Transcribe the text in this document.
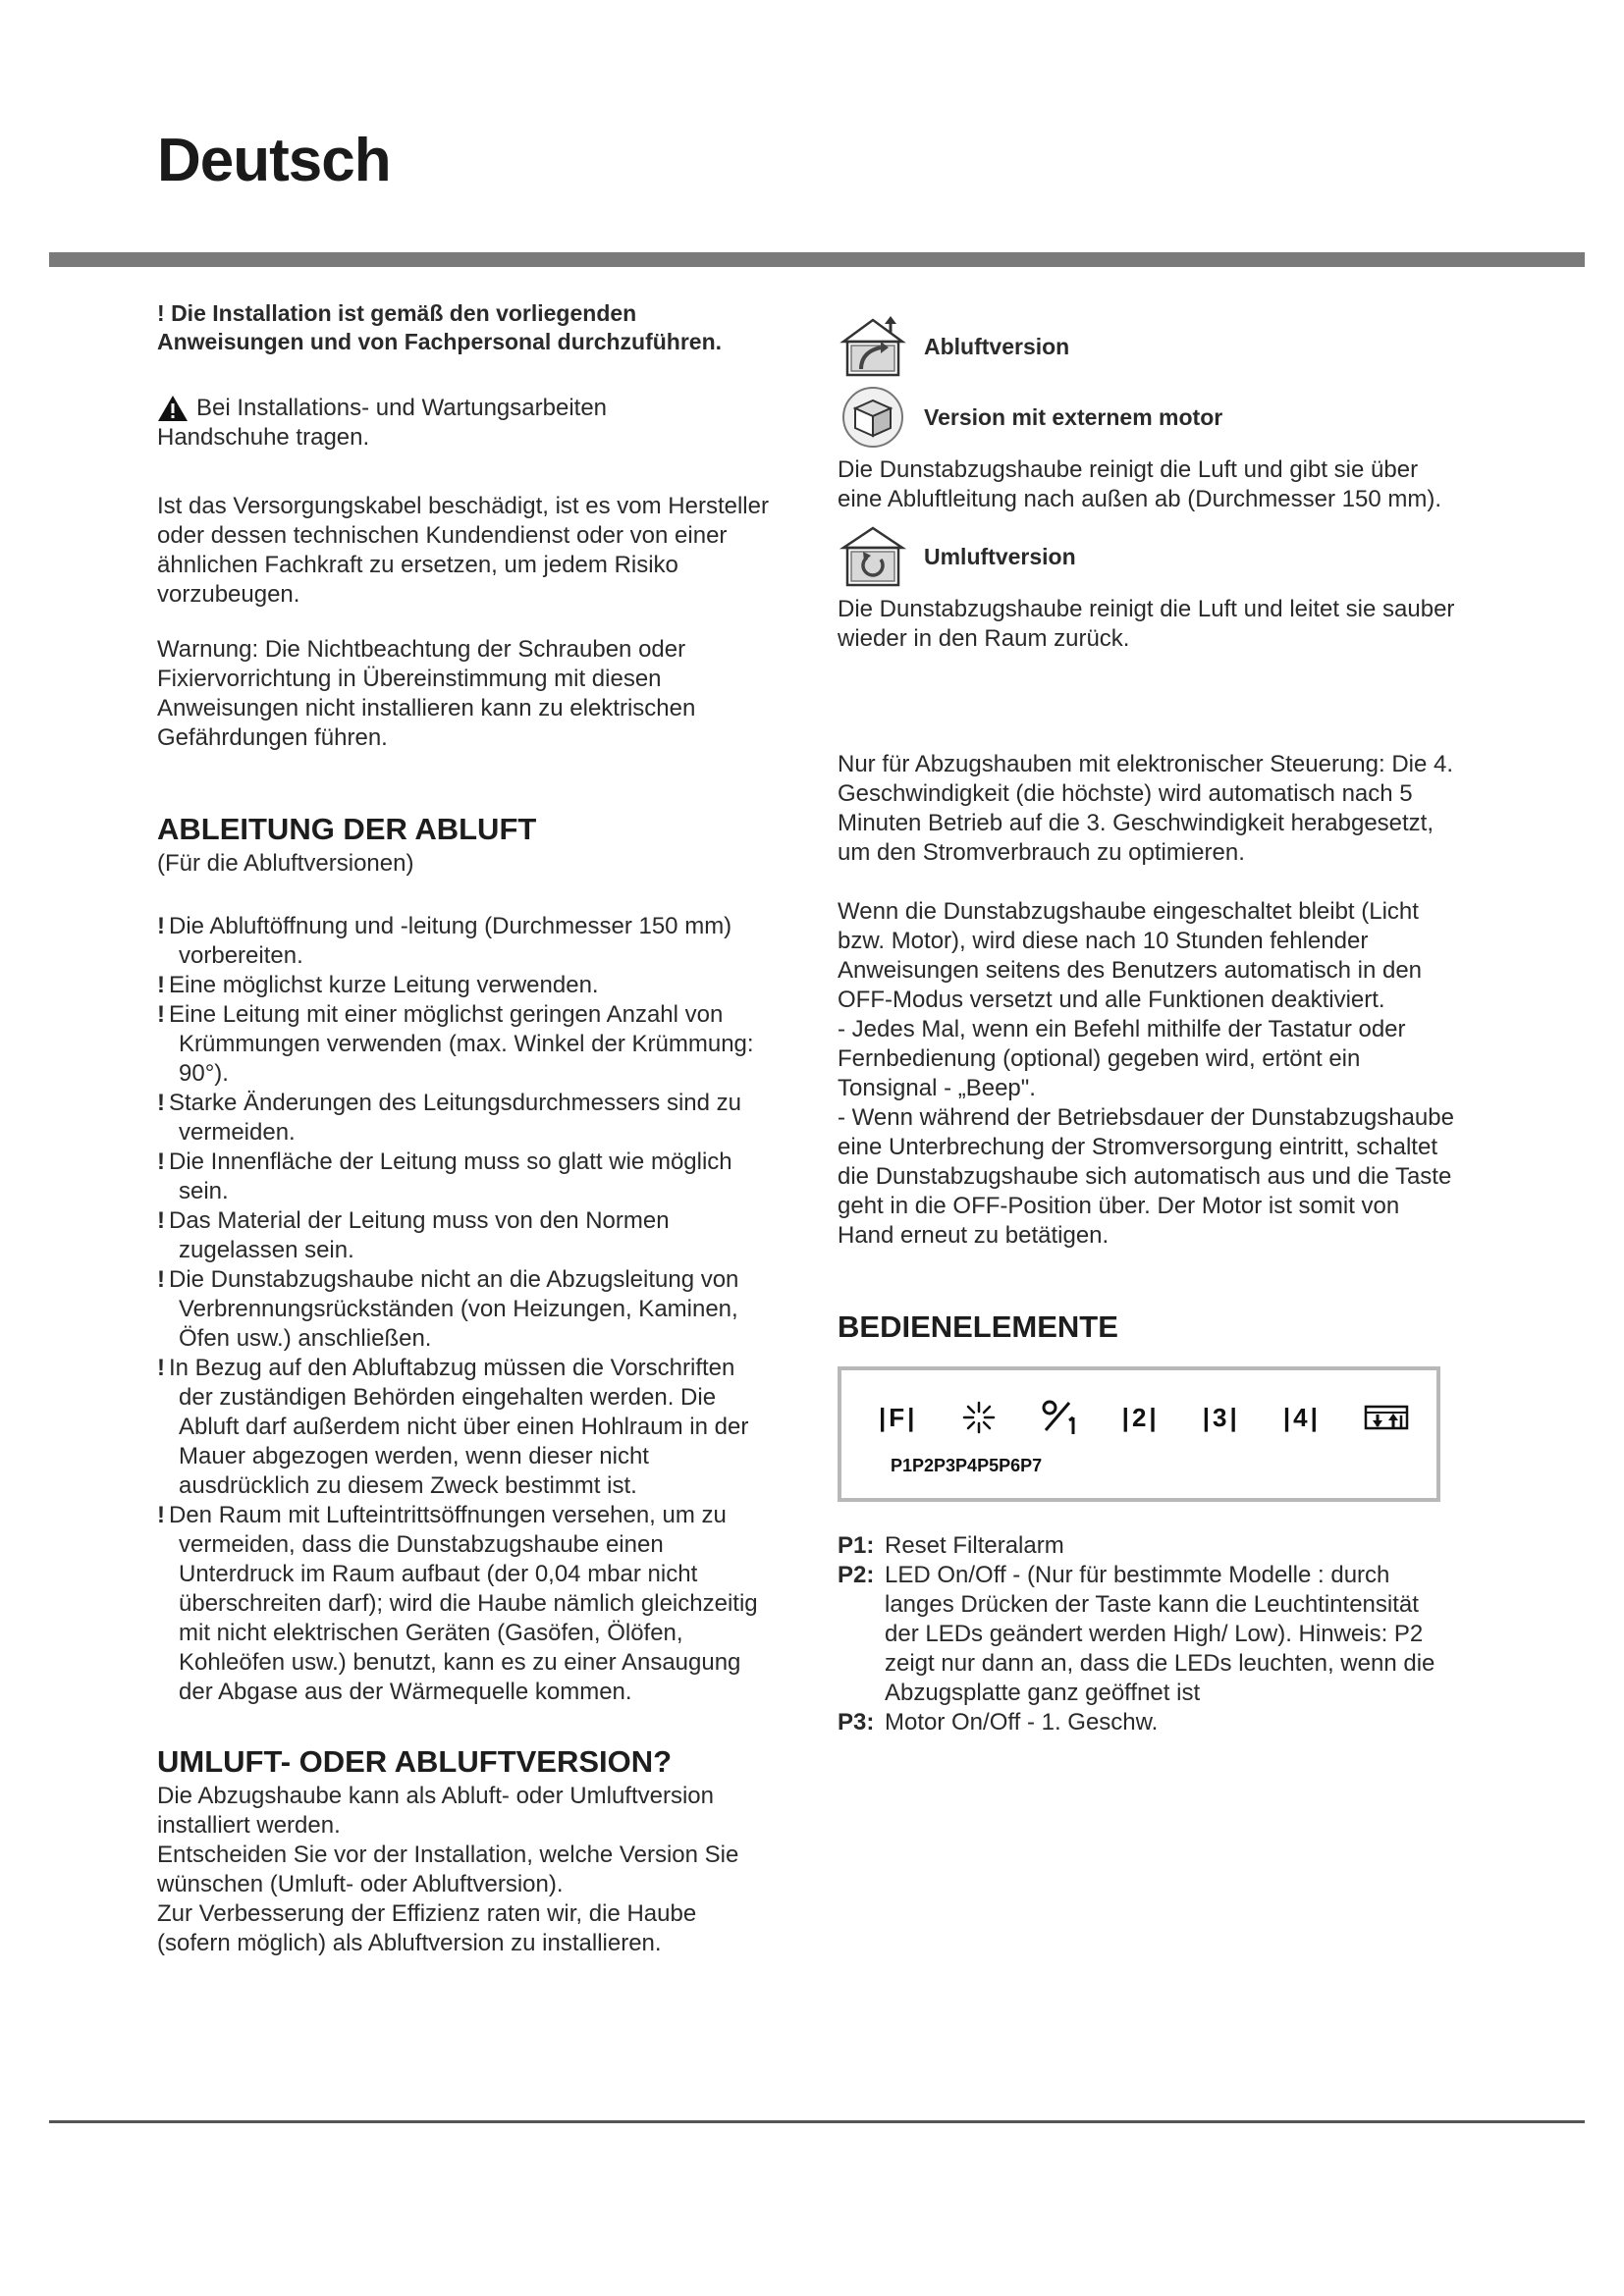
Deutsch

! Die Installation ist gemäß den vorliegenden Anweisungen und von Fachpersonal durchzuführen.

Bei Installations- und Wartungsarbeiten

Handschuhe tragen.

Ist das Versorgungskabel beschädigt, ist es vom Hersteller oder dessen technischen Kundendienst oder von einer ähnlichen Fachkraft zu ersetzen, um jedem Risiko vorzubeugen.

Warnung: Die Nichtbeachtung der Schrauben oder Fixiervorrichtung in Übereinstimmung mit diesen Anweisungen nicht installieren kann zu elektrischen Gefährdungen führen.

ABLEITUNG DER ABLUFT

(Für die Abluftversionen)

! Die Abluftöffnung und -leitung (Durchmesser 150 mm) vorbereiten.
! Eine möglichst kurze Leitung verwenden.
! Eine Leitung mit einer möglichst geringen Anzahl von Krümmungen verwenden (max. Winkel der Krümmung: 90°).
! Starke Änderungen des Leitungsdurchmessers sind zu vermeiden.
! Die Innenfläche der Leitung muss so glatt wie möglich sein.
! Das Material der Leitung muss von den Normen zugelassen sein.
! Die Dunstabzugshaube nicht an die Abzugsleitung von Verbrennungsrückständen (von Heizungen, Kaminen, Öfen usw.) anschließen.
! In Bezug auf den Abluftabzug müssen die Vorschriften der zuständigen Behörden eingehalten werden. Die Abluft darf außerdem nicht über einen Hohlraum in der Mauer abgezogen werden, wenn dieser nicht ausdrücklich zu diesem Zweck bestimmt ist.
! Den Raum mit Lufteintrittsöffnungen versehen, um zu vermeiden, dass die Dunstabzugshaube einen Unterdruck im Raum aufbaut (der 0,04 mbar nicht überschreiten darf); wird die Haube nämlich gleichzeitig mit nicht elektrischen Geräten (Gasöfen, Ölöfen, Kohleöfen usw.) benutzt, kann es zu einer Ansaugung der Abgase aus der Wärmequelle kommen.
UMLUFT- ODER ABLUFTVERSION?

Die Abzugshaube kann als Abluft- oder Umluftversion installiert werden.

Entscheiden Sie vor der Installation, welche Version Sie wünschen (Umluft- oder Abluftversion).

Zur Verbesserung der Effizienz raten wir, die Haube (sofern möglich) als Abluftversion zu installieren.

Abluftversion
Version mit externem motor

Die Dunstabzugshaube reinigt die Luft und gibt sie über eine Abluftleitung nach außen ab (Durchmesser 150 mm).

Umluftversion

Die Dunstabzugshaube reinigt die Luft und leitet sie sauber wieder in den Raum zurück.

Nur für Abzugshauben mit elektronischer Steuerung: Die 4. Geschwindigkeit (die höchste) wird automatisch nach 5 Minuten Betrieb auf die 3. Geschwindigkeit herabgesetzt, um den Stromverbrauch zu optimieren.

Wenn die Dunstabzugshaube eingeschaltet bleibt (Licht bzw. Motor), wird diese nach 10 Stunden fehlender Anweisungen seitens des Benutzers automatisch in den OFF-Modus versetzt und alle Funktionen deaktiviert.

- Jedes Mal, wenn ein Befehl mithilfe der Tastatur oder Fernbedienung (optional) gegeben wird, ertönt ein Tonsignal - „Beep".

- Wenn während der Betriebsdauer der Dunstabzugshaube eine Unterbrechung der Stromversorgung eintritt, schaltet die Dunstabzugshaube sich automatisch aus und die Taste geht in die OFF-Position über. Der Motor ist somit von Hand erneut zu betätigen.

BEDIENELEMENTE
|F|	|2| |3| |4|
P1P2P3P4P5P6P7
P1: Reset Filteralarm
P2: LED On/Off - (Nur für bestimmte Modelle : durch langes Drücken der Taste kann die Leuchtintensität der LEDs geändert werden High/ Low). Hinweis: P2 zeigt nur dann an, dass die LEDs leuchten, wenn die Abzugsplatte ganz geöffnet ist
P3: Motor On/Off - 1. Geschw.
